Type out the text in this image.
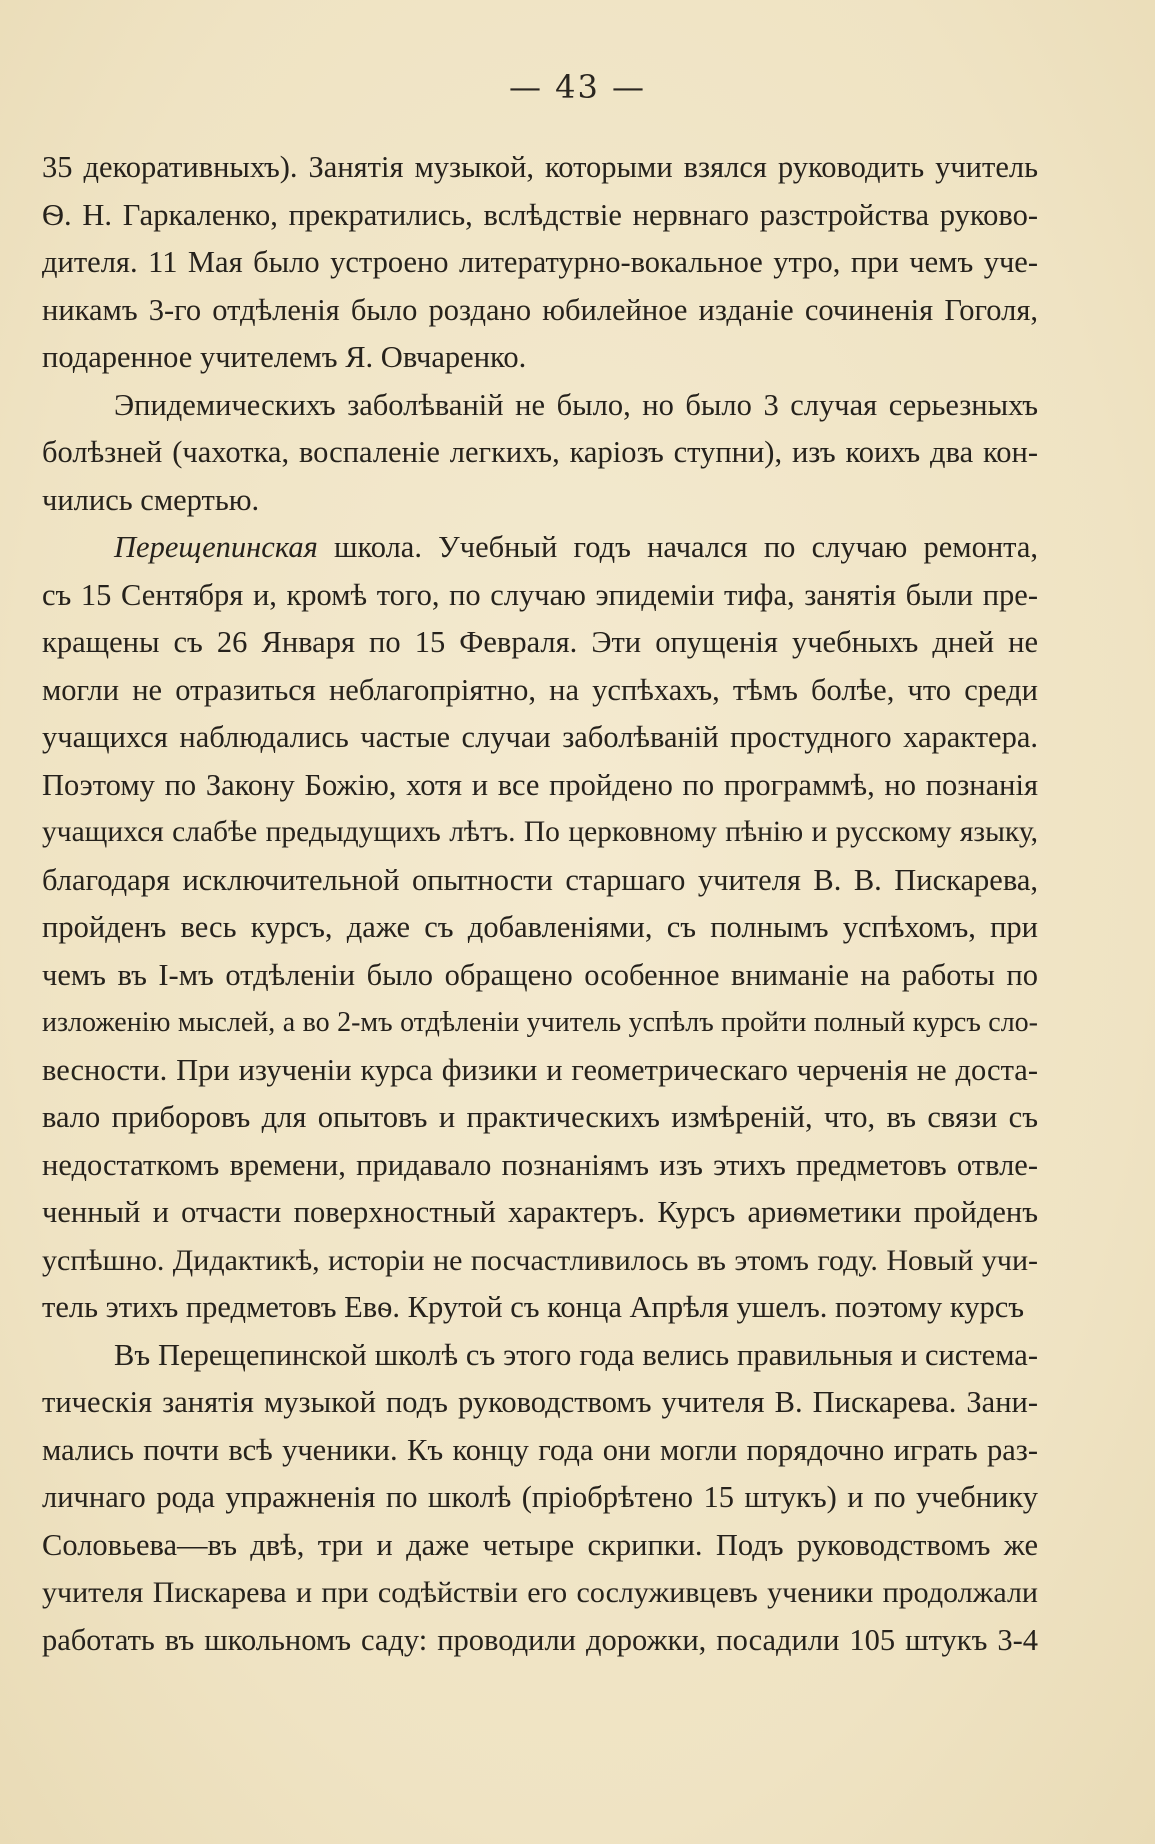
— 43 —
35 декоративныхъ). Занятія музыкой, которыми взялся руководить учитель
Ѳ. Н. Гаркаленко, прекратились, вслѣдствіе нервнаго разстройства руково-
дителя. 11 Мая было устроено литературно-вокальное утро, при чемъ уче-
никамъ 3-го отдѣленія было роздано юбилейное изданіе сочиненія Гоголя,
подаренное учителемъ Я. Овчаренко.
Эпидемическихъ заболѣваній не было, но было 3 случая серьезныхъ
болѣзней (чахотка, воспаленіе легкихъ, каріозъ ступни), изъ коихъ два кон-
чились смертью.
Перещепинская школа. Учебный годъ начался по случаю ремонта,
съ 15 Сентября и, кромѣ того, по случаю эпидеміи тифа, занятія были пре-
кращены съ 26 Января по 15 Февраля. Эти опущенія учебныхъ дней не
могли не отразиться неблагопріятно, на успѣхахъ, тѣмъ болѣе, что среди
учащихся наблюдались частые случаи заболѣваній простудного характера.
Поэтому по Закону Божію, хотя и все пройдено по программѣ, но познанія
учащихся слабѣе предыдущихъ лѣтъ. По церковному пѣнію и русскому языку,
благодаря исключительной опытности старшаго учителя В. В. Пискарева,
пройденъ весь курсъ, даже съ добавленіями, съ полнымъ успѣхомъ, при
чемъ въ I-мъ отдѣленіи было обращено особенное вниманіе на работы по
изложенію мыслей, а во 2-мъ отдѣленіи учитель успѣлъ пройти полный курсъ сло-
весности. При изученіи курса физики и геометрическаго черченія не доста-
вало приборовъ для опытовъ и практическихъ измѣреній, что, въ связи съ
недостаткомъ времени, придавало познаніямъ изъ этихъ предметовъ отвле-
ченный и отчасти поверхностный характеръ. Курсъ ариѳметики пройденъ
успѣшно. Дидактикѣ, исторіи не посчастливилось въ этомъ году. Новый учи-
тель этихъ предметовъ Евѳ. Крутой съ конца Апрѣля ушелъ. поэтому курсъ
Въ Перещепинской школѣ съ этого года велись правильныя и система-
тическія занятія музыкой подъ руководствомъ учителя В. Пискарева. Зани-
мались почти всѣ ученики. Къ концу года они могли порядочно играть раз-
личнаго рода упражненія по школѣ (пріобрѣтено 15 штукъ) и по учебнику
Соловьева—въ двѣ, три и даже четыре скрипки. Подъ руководствомъ же
учителя Пискарева и при содѣйствіи его сослуживцевъ ученики продолжали
работать въ школьномъ саду: проводили дорожки, посадили 105 штукъ 3-4
